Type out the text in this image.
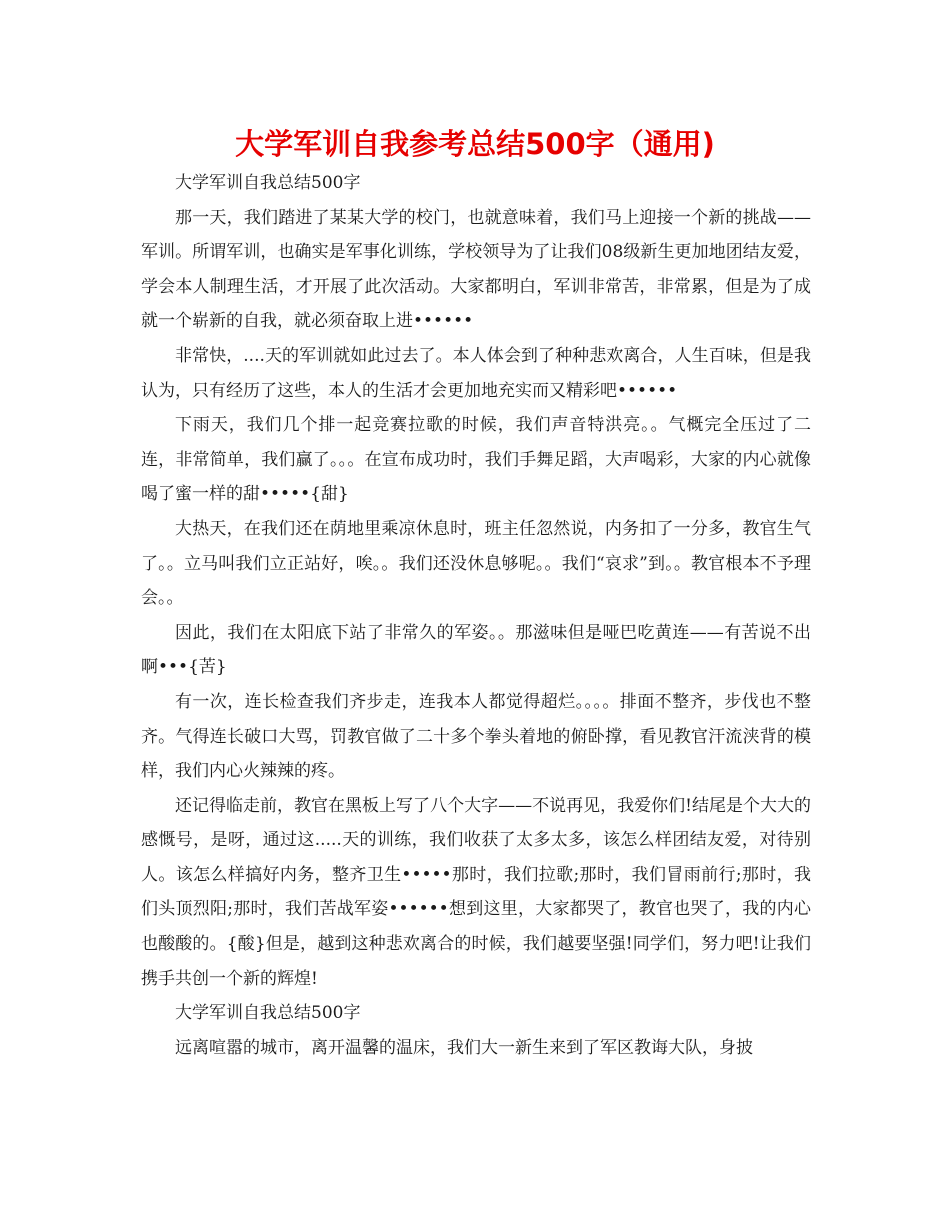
大学军训自我参考总结500字（通用)

大学军训自我总结500字

那一天，我们踏进了某某大学的校门，也就意味着，我们马上迎接一个新的挑战——军训。所谓军训，也确实是军事化训练，学校领导为了让我们08级新生更加地团结友爱，学会本人制理生活，才开展了此次活动。大家都明白，军训非常苦，非常累，但是为了成就一个崭新的自我，就必须奋取上进••••••

非常快，....天的军训就如此过去了。本人体会到了种种悲欢离合，人生百味，但是我认为，只有经历了这些，本人的生活才会更加地充实而又精彩吧••••••

下雨天，我们几个排一起竞赛拉歌的时候，我们声音特洪亮。。气概完全压过了二连，非常简单，我们赢了。。。在宣布成功时，我们手舞足蹈，大声喝彩，大家的内心就像喝了蜜一样的甜•••••{甜}

大热天，在我们还在荫地里乘凉休息时，班主任忽然说，内务扣了一分多，教官生气了。。立马叫我们立正站好，唉。。我们还没休息够呢。。我们“哀求”到。。教官根本不予理会。。

因此，我们在太阳底下站了非常久的军姿。。那滋味但是哑巴吃黄连——有苦说不出啊•••{苦}

有一次，连长检查我们齐步走，连我本人都觉得超烂。。。。排面不整齐，步伐也不整齐。气得连长破口大骂，罚教官做了二十多个拳头着地的俯卧撑，看见教官汗流浃背的模样，我们内心火辣辣的疼。

还记得临走前，教官在黑板上写了八个大字——不说再见，我爱你们!结尾是个大大的感慨号，是呀，通过这.....天的训练，我们收获了太多太多，该怎么样团结友爱，对待别人。该怎么样搞好内务，整齐卫生•••••那时，我们拉歌;那时，我们冒雨前行;那时，我们头顶烈阳;那时，我们苦战军姿••••••想到这里，大家都哭了，教官也哭了，我的内心也酸酸的。{酸}但是，越到这种悲欢离合的时候，我们越要坚强!同学们，努力吧!让我们携手共创一个新的辉煌!

大学军训自我总结500字

远离喧嚣的城市，离开温馨的温床，我们大一新生来到了军区教诲大队，身披
